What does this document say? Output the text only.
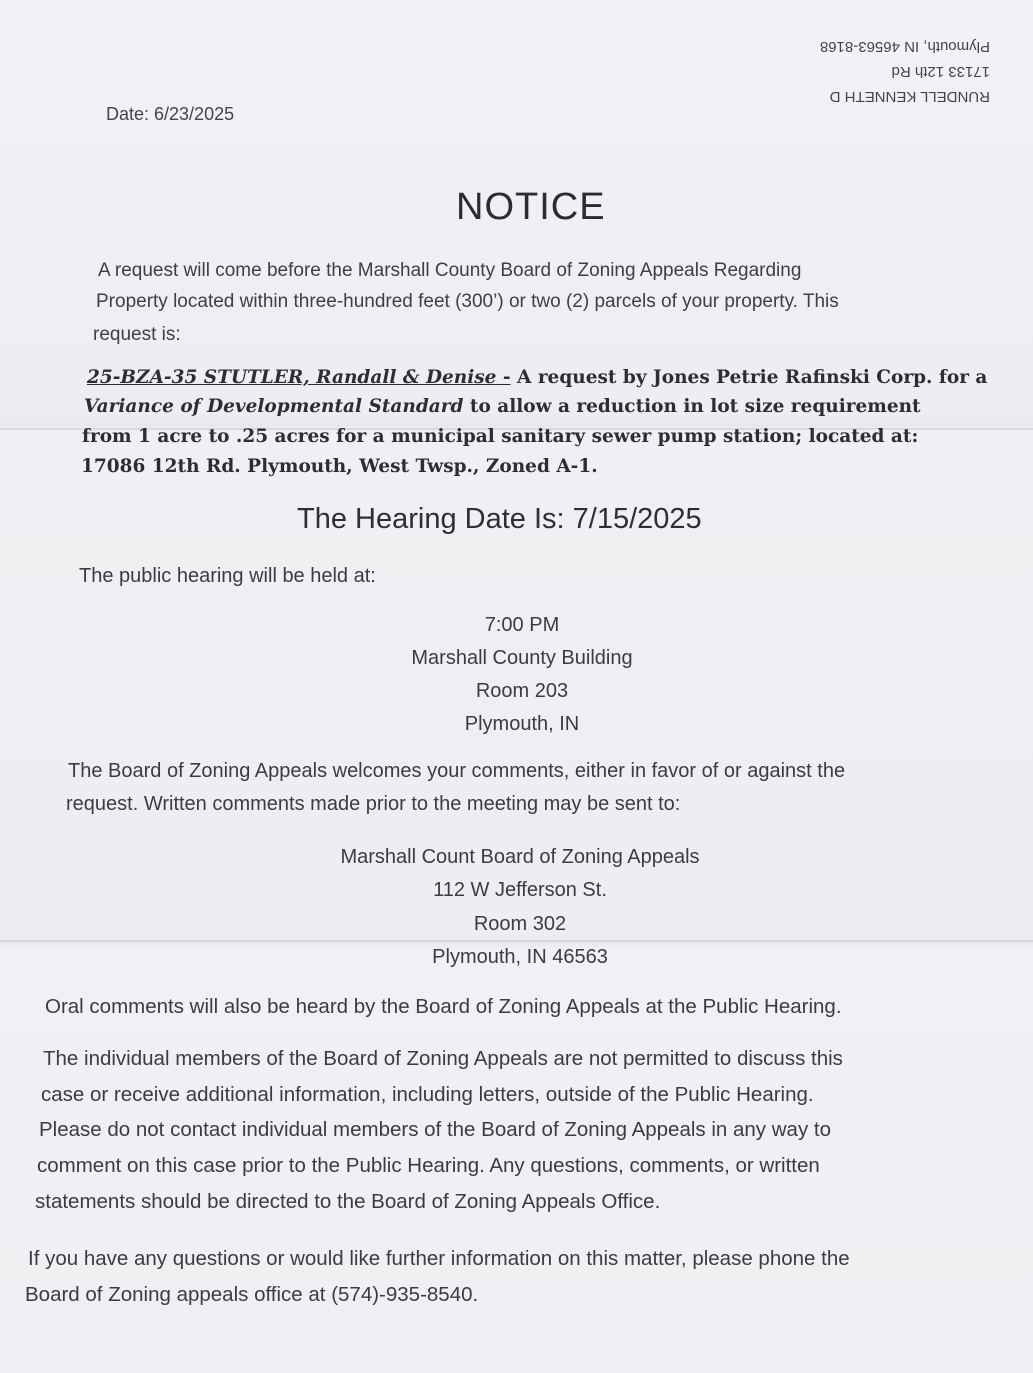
RUNDELL KENNETH D
17133 12th Rd
Plymouth, IN 46563-8168
Date: 6/23/2025
NOTICE
A request will come before the Marshall County Board of Zoning Appeals Regarding
Property located within three-hundred feet (300’) or two (2) parcels of your property. This
request is:
25-BZA-35 STUTLER, Randall & Denise - A request by Jones Petrie Rafinski Corp. for a
Variance of Developmental Standard to allow a reduction in lot size requirement
from 1 acre to .25 acres for a municipal sanitary sewer pump station; located at:
17086 12th Rd. Plymouth, West Twsp., Zoned A-1.
The Hearing Date Is: 7/15/2025
The public hearing will be held at:
7:00 PM
Marshall County Building
Room 203
Plymouth, IN
The Board of Zoning Appeals welcomes your comments, either in favor of or against the
request. Written comments made prior to the meeting may be sent to:
Marshall Count Board of Zoning Appeals
112 W Jefferson St.
Room 302
Plymouth, IN 46563
Oral comments will also be heard by the Board of Zoning Appeals at the Public Hearing.
The individual members of the Board of Zoning Appeals are not permitted to discuss this
case or receive additional information, including letters, outside of the Public Hearing.
Please do not contact individual members of the Board of Zoning Appeals in any way to
comment on this case prior to the Public Hearing. Any questions, comments, or written
statements should be directed to the Board of Zoning Appeals Office.
If you have any questions or would like further information on this matter, please phone the
Board of Zoning appeals office at (574)-935-8540.
